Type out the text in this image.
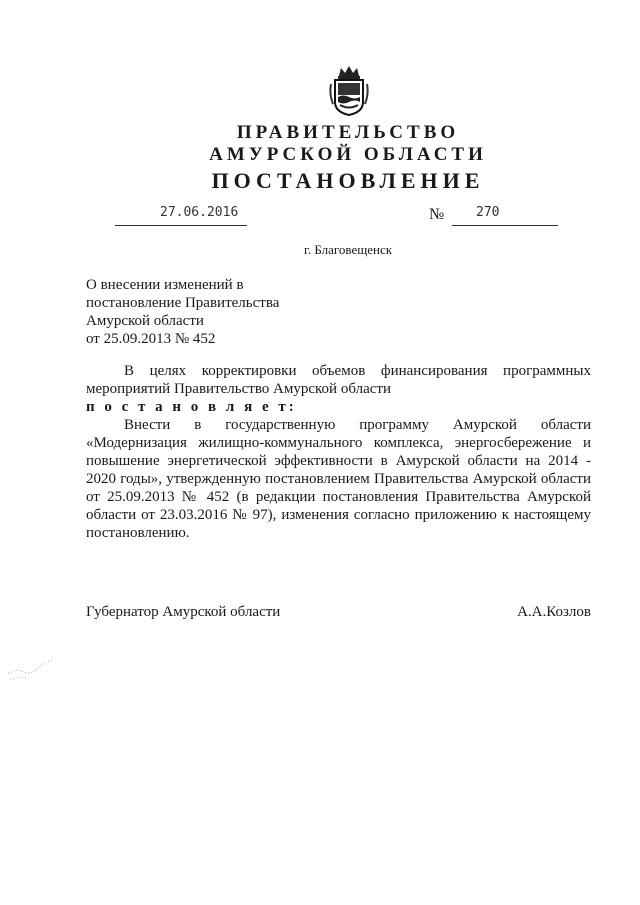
ПРАВИТЕЛЬСТВО
АМУРСКОЙ ОБЛАСТИ
ПОСТАНОВЛЕНИЕ
27.06.2016	№ 270
г. Благовещенск
О внесении изменений в
постановление Правительства
Амурской области
от 25.09.2013 № 452

В целях корректировки объемов финансирования программных мероприятий Правительство Амурской области

п о с т а н о в л я е т:

Внести в государственную программу Амурской области «Модернизация жилищно-коммунального комплекса, энергосбережение и повышение энергетической эффективности в Амурской области на 2014 - 2020 годы», утвержденную постановлением Правительства Амурской области от 25.09.2013 № 452 (в редакции постановления Правительства Амурской области от 23.03.2016 № 97), изменения согласно приложению к настоящему постановлению.

Губернатор Амурской области	А.А.Козлов
